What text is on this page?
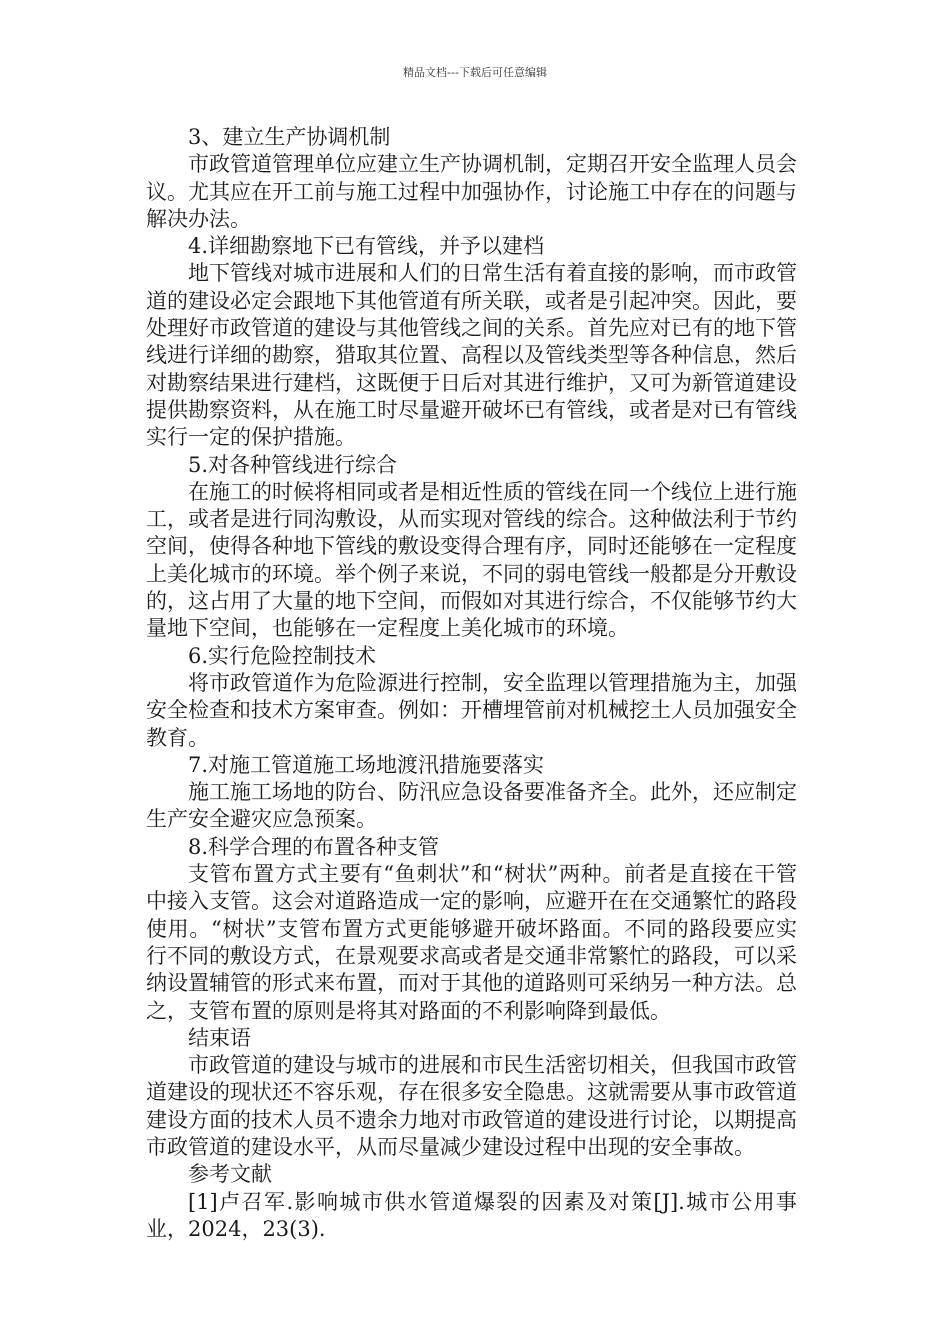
精品文档---下载后可任意编辑

3、建立生产协调机制

市政管道管理单位应建立生产协调机制，定期召开安全监理人员会议。尤其应在开工前与施工过程中加强协作，讨论施工中存在的问题与解决办法。

4.详细勘察地下已有管线，并予以建档

地下管线对城市进展和人们的日常生活有着直接的影响，而市政管道的建设必定会跟地下其他管道有所关联，或者是引起冲突。因此，要处理好市政管道的建设与其他管线之间的关系。首先应对已有的地下管线进行详细的勘察，猎取其位置、高程以及管线类型等各种信息，然后对勘察结果进行建档，这既便于日后对其进行维护，又可为新管道建设提供勘察资料，从在施工时尽量避开破坏已有管线，或者是对已有管线实行一定的保护措施。

5.对各种管线进行综合

在施工的时候将相同或者是相近性质的管线在同一个线位上进行施工，或者是进行同沟敷设，从而实现对管线的综合。这种做法利于节约空间，使得各种地下管线的敷设变得合理有序，同时还能够在一定程度上美化城市的环境。举个例子来说，不同的弱电管线一般都是分开敷设的，这占用了大量的地下空间，而假如对其进行综合，不仅能够节约大量地下空间，也能够在一定程度上美化城市的环境。

6.实行危险控制技术

将市政管道作为危险源进行控制，安全监理以管理措施为主，加强安全检查和技术方案审查。例如：开槽埋管前对机械挖土人员加强安全教育。

7.对施工管道施工场地渡汛措施要落实

施工施工场地的防台、防汛应急设备要准备齐全。此外，还应制定生产安全避灾应急预案。

8.科学合理的布置各种支管

支管布置方式主要有“鱼刺状”和“树状”两种。前者是直接在干管中接入支管。这会对道路造成一定的影响，应避开在在交通繁忙的路段使用。“树状”支管布置方式更能够避开破坏路面。不同的路段要应实行不同的敷设方式，在景观要求高或者是交通非常繁忙的路段，可以采纳设置辅管的形式来布置，而对于其他的道路则可采纳另一种方法。总之，支管布置的原则是将其对路面的不利影响降到最低。

结束语

市政管道的建设与城市的进展和市民生活密切相关，但我国市政管道建设的现状还不容乐观，存在很多安全隐患。这就需要从事市政管道建设方面的技术人员不遗余力地对市政管道的建设进行讨论，以期提高市政管道的建设水平，从而尽量减少建设过程中出现的安全事故。

参考文献

[1]卢召军.影响城市供水管道爆裂的因素及对策[J].城市公用事业，2024，23(3).
